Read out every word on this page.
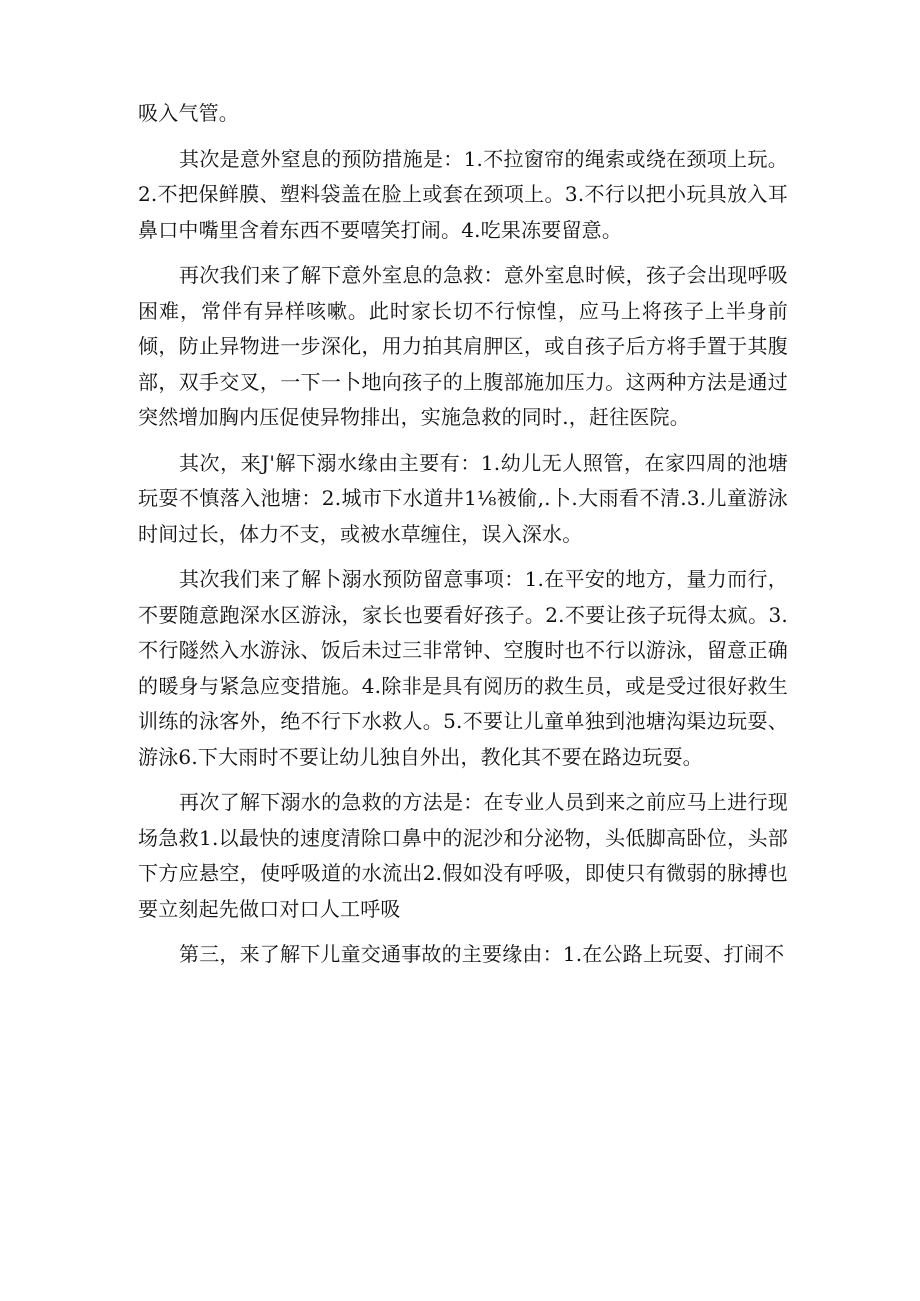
吸入气管。

其次是意外窒息的预防措施是：1.不拉窗帘的绳索或绕在颈项上玩。2.不把保鲜膜、塑料袋盖在脸上或套在颈项上。3.不行以把小玩具放入耳鼻口中嘴里含着东西不要嘻笑打闹。4.吃果冻要留意。

再次我们来了解下意外室息的急救：意外室息时候，孩子会出现呼吸困难，常伴有异样咳嗽。此时家长切不行惊惶，应马上将孩子上半身前倾，防止异物进一步深化，用力拍其肩胛区，或自孩子后方将手置于其腹部，双手交叉，一下一卜地向孩子的上腹部施加压力。这两种方法是通过突然增加胸内压促使异物排出，实施急救的同时.，赶往医院。

其次，来J'解下溺水缘由主要有：1.幼儿无人照管，在家四周的池塘玩耍不慎落入池塘：2.城市下水道井1⅛被偷,.卜.大雨看不清.3.儿童游泳时间过长，体力不支，或被水草缠住，误入深水。

其次我们来了解卜溺水预防留意事项：1.在平安的地方，量力而行，不要随意跑深水区游泳，家长也要看好孩子。2.不要让孩子玩得太疯。3.不行隧然入水游泳、饭后未过三非常钟、空腹时也不行以游泳，留意正确的暖身与紧急应变措施。4.除非是具有阅历的救生员，或是受过很好救生训练的泳客外，绝不行下水救人。5.不要让儿童单独到池塘沟渠边玩耍、游泳6.下大雨时不要让幼儿独自外出，教化其不要在路边玩耍。

再次了解下溺水的急救的方法是：在专业人员到来之前应马上进行现场急救1.以最快的速度清除口鼻中的泥沙和分泌物，头低脚高卧位，头部下方应悬空，使呼吸道的水流出2.假如没有呼吸，即使只有微弱的脉搏也要立刻起先做口对口人工呼吸

第三，来了解下儿童交通事故的主要缘由：1.在公路上玩耍、打闹不
